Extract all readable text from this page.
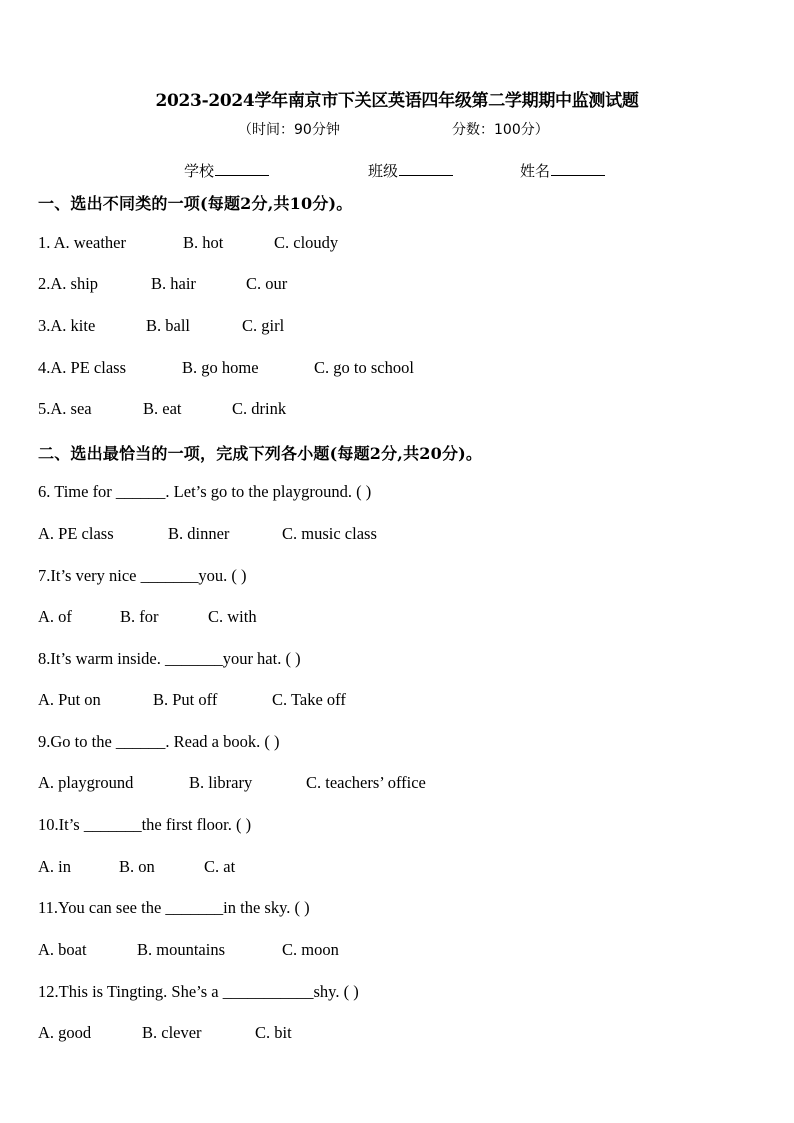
2023-2024学年南京市下关区英语四年级第二学期期中监测试题
（时间：90分钟	分数：100分）
学校	班级	姓名
一、选出不同类的一项(每题2分,共10分)。
1. A. weather	B. hot	C. cloudy
2.A. ship	B. hair	C. our
3.A. kite	B. ball	C. girl
4.A. PE class	B. go home	C. go to school
5.A. sea	B. eat	C. drink
二、选出最恰当的一项，完成下列各小题(每题2分,共20分)。
6. Time for ______. Let’s go to the playground. ( )
A. PE class	B. dinner	C. music class
7.It’s very nice _______you. ( )
A. of	B. for	C. with
8.It’s warm inside. _______your hat. ( )
A. Put on	B. Put off	C. Take off
9.Go to the ______. Read a book. ( )
A. playground	B. library	C. teachers’ office
10.It’s _______the first floor. ( )
A. in	B. on	C. at
11.You can see the _______in the sky. ( )
A. boat	B. mountains	C. moon
12.This is Tingting. She’s a ___________shy. ( )
A. good	B. clever	C. bit
